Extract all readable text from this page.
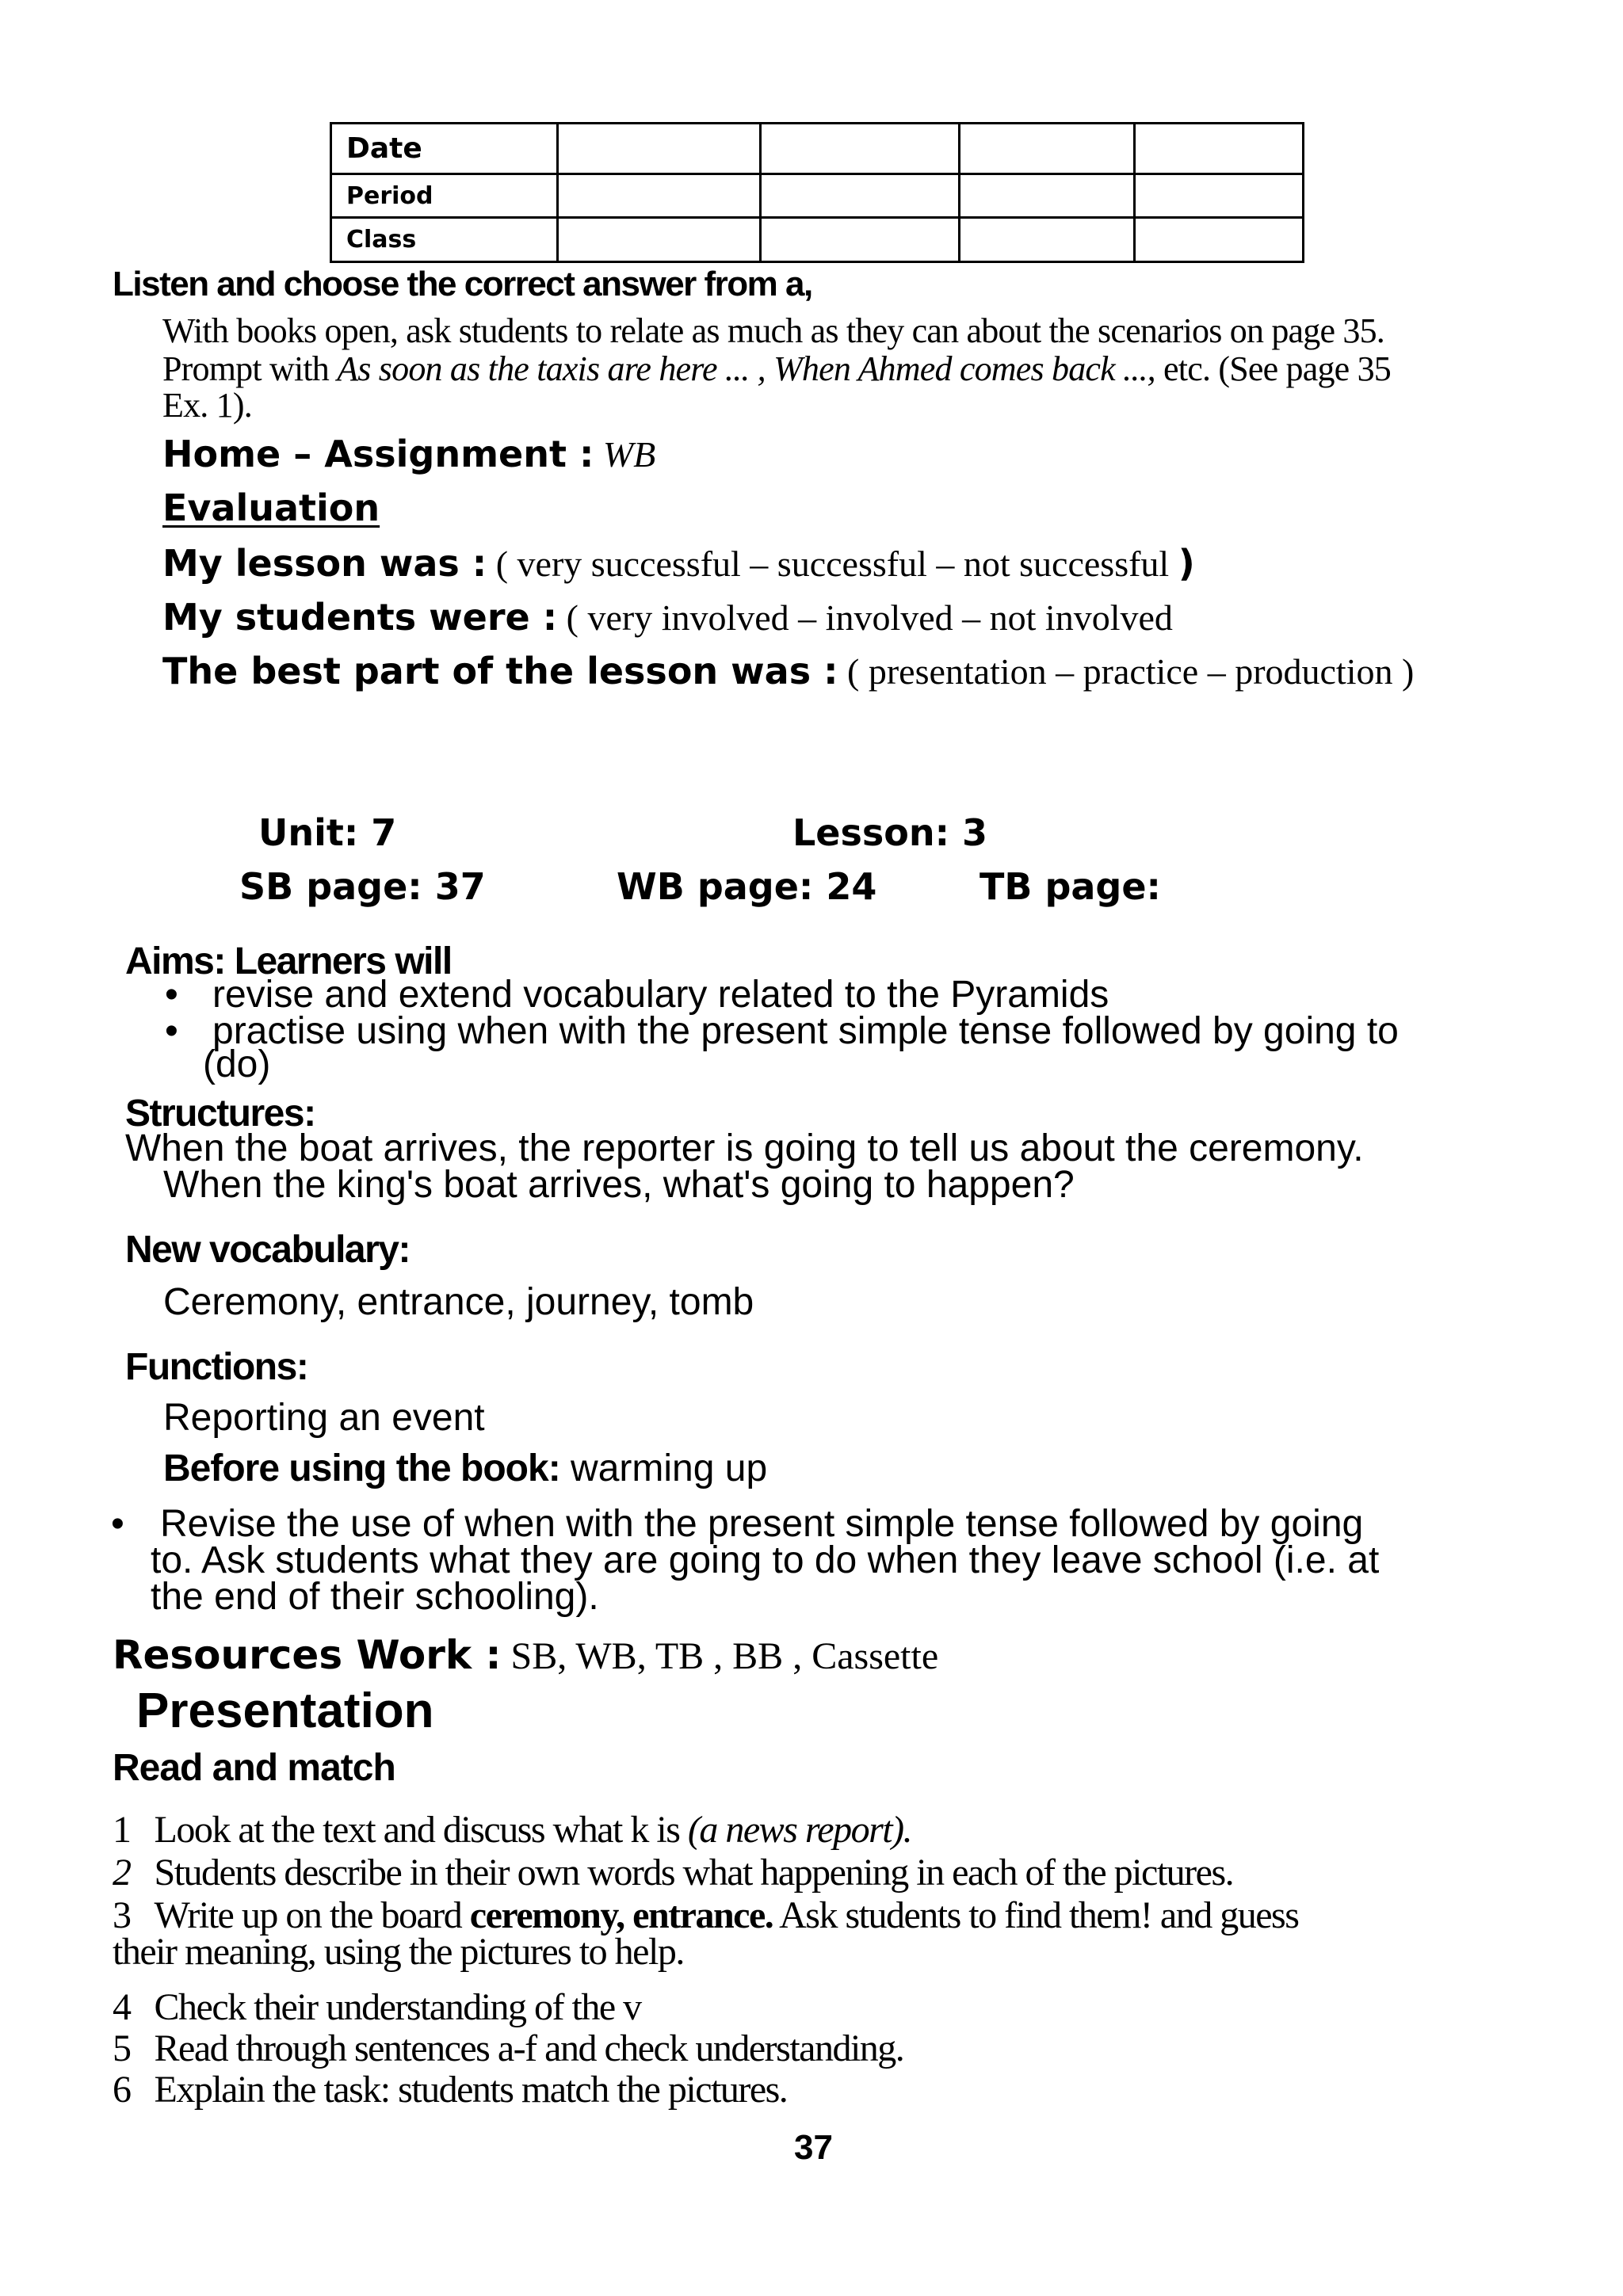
Date				
Period				
Class				
Listen and choose the correct answer from a,
With books open, ask students to relate as much as they can about the scenarios on page 35.
Prompt with As soon as the taxis are here ... , When Ahmed comes back ..., etc. (See page 35
Ex. 1).
Home – Assignment : WB
Evaluation
My lesson was : ( very successful – successful – not successful )
My students were : ( very involved – involved – not involved
The best part of the lesson was : ( presentation – practice – production )
Unit: 7	Lesson: 3
SB page: 37	WB page: 24	TB page:
Aims: Learners will
• revise and extend vocabulary related to the Pyramids
• practise using when with the present simple tense followed by going to
(do)
Structures:
When the boat arrives, the reporter is going to tell us about the ceremony.
When the king's boat arrives, what's going to happen?
New vocabulary:
Ceremony, entrance, journey, tomb
Functions:
Reporting an event
Before using the book: warming up
• Revise the use of when with the present simple tense followed by going
to. Ask students what they are going to do when they leave school (i.e. at
the end of their schooling).
Resources Work : SB, WB, TB , BB , Cassette
Presentation
Read and match
1 Look at the text and discuss what k is (a news report).
2 Students describe in their own words what happening in each of the pictures.
3 Write up on the board ceremony, entrance. Ask students to find them! and guess
their meaning, using the pictures to help.
4 Check their understanding of the v
5 Read through sentences a-f and check understanding.
6 Explain the task: students match the pictures.
37
